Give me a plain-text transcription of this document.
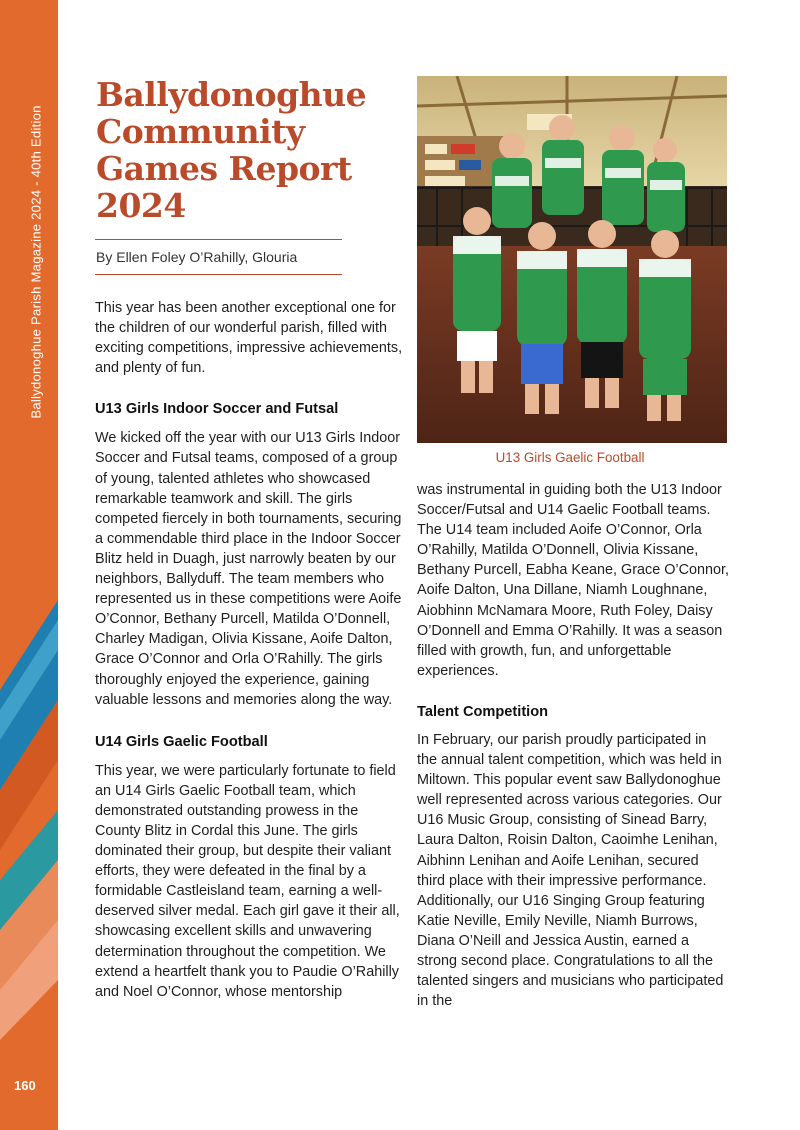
Ballydonoghue Parish Magazine 2024 - 40th Edition
160
Ballydonoghue Community Games Report 2024
By Ellen Foley O’Rahilly, Glouria

This year has been another exceptional one for the children of our wonderful parish, filled with exciting competitions, impressive achievements, and plenty of fun.

U13 Girls Indoor Soccer and Futsal

We kicked off the year with our U13 Girls Indoor Soccer and Futsal teams, composed of a group of young, talented athletes who showcased remarkable teamwork and skill. The girls competed fiercely in both tournaments, securing a commendable third place in the Indoor Soccer Blitz held in Duagh, just narrowly beaten by our neighbors, Ballyduff. The team members who represented us in these competitions were Aoife O’Connor, Bethany Purcell, Matilda O’Donnell, Charley Madigan, Olivia Kissane, Aoife Dalton, Grace O’Connor and Orla O’Rahilly. The girls thoroughly enjoyed the experience, gaining valuable lessons and memories along the way.

U14 Girls Gaelic Football

This year, we were particularly fortunate to field an U14 Girls Gaelic Football team, which demonstrated outstanding prowess in the County Blitz in Cordal this June. The girls dominated their group, but despite their valiant efforts, they were defeated in the final by a formidable Castleisland team, earning a well-deserved silver medal. Each girl gave it their all, showcasing excellent skills and unwavering determination throughout the competition. We extend a heartfelt thank you to Paudie O’Rahilly and Noel O’Connor, whose mentorship

U13 Girls Gaelic Football

was instrumental in guiding both the U13 Indoor Soccer/Futsal and U14 Gaelic Football teams. The U14 team included Aoife O’Connor, Orla O’Rahilly, Matilda O’Donnell, Olivia Kissane, Bethany Purcell, Eabha Keane, Grace O’Connor, Aoife Dalton, Una Dillane, Niamh Loughnane, Aiobhinn McNamara Moore, Ruth Foley, Daisy O’Donnell and Emma O’Rahilly. It was a season filled with growth, fun, and unforgettable experiences.

Talent Competition

In February, our parish proudly participated in the annual talent competition, which was held in Miltown. This popular event saw Ballydonoghue well represented across various categories. Our U16 Music Group, consisting of Sinead Barry, Laura Dalton, Roisin Dalton, Caoimhe Lenihan, Aibhinn Lenihan and Aoife Lenihan, secured third place with their impressive performance. Additionally, our U16 Singing Group featuring Katie Neville, Emily Neville, Niamh Burrows, Diana O’Neill and Jessica Austin, earned a strong second place. Congratulations to all the talented singers and musicians who participated in the
